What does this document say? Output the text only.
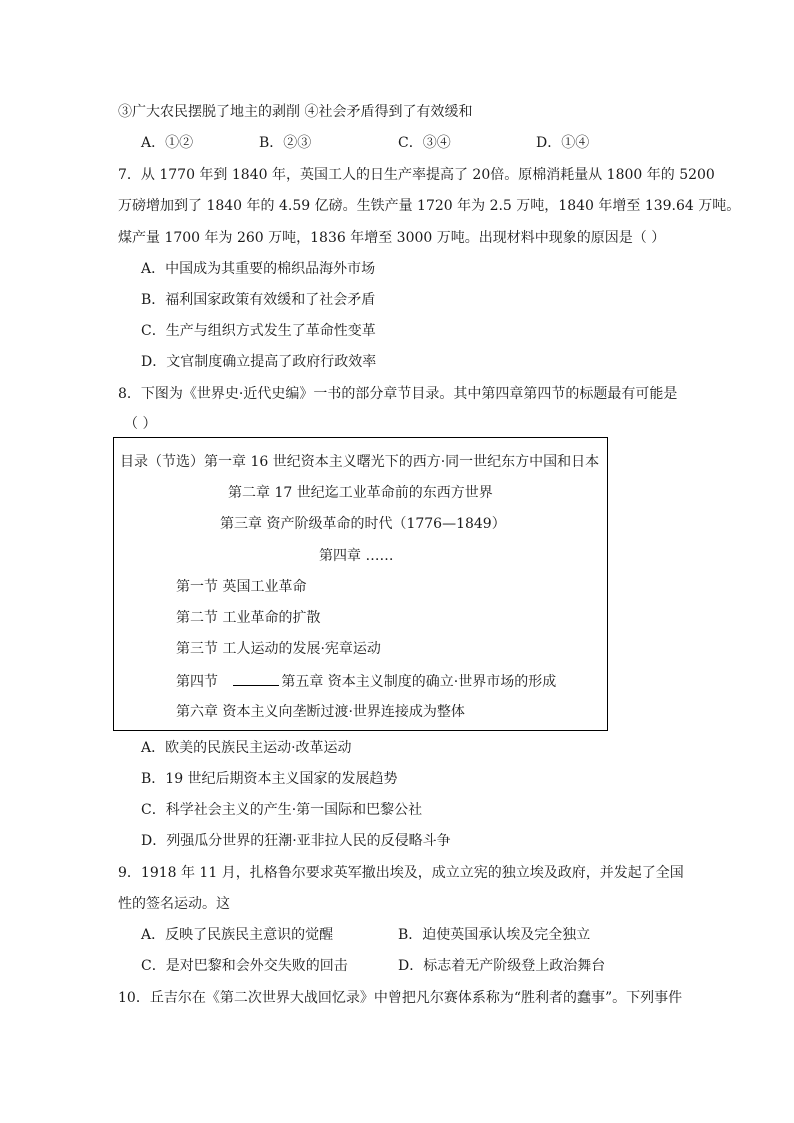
③广大农民摆脱了地主的剥削 ④社会矛盾得到了有效缓和
A．①②	B．②③	C．③④	D．①④
7．从 1770 年到 1840 年，英国工人的日生产率提高了 20倍。原棉消耗量从 1800 年的 5200
万磅增加到了 1840 年的 4.59 亿磅。生铁产量 1720 年为 2.5 万吨，1840 年增至 139.64 万吨。
煤产量 1700 年为 260 万吨，1836 年增至 3000 万吨。出现材料中现象的原因是（ ）
A．中国成为其重要的棉织品海外市场
B．福利国家政策有效缓和了社会矛盾
C．生产与组织方式发生了革命性变革
D．文官制度确立提高了政府行政效率
8．下图为《世界史·近代史编》一书的部分章节目录。其中第四章第四节的标题最有可能是
（ ）
目录（节选）第一章 16 世纪资本主义曙光下的西方·同一世纪东方中国和日本
第二章 17 世纪迄工业革命前的东西方世界
第三章 资产阶级革命的时代（1776—1849）
第四章 ……
第一节 英国工业革命
第二节 工业革命的扩散
第三节 工人运动的发展·宪章运动
第四节	第五章 资本主义制度的确立·世界市场的形成
第六章 资本主义向垄断过渡·世界连接成为整体
A．欧美的民族民主运动·改革运动
B．19 世纪后期资本主义国家的发展趋势
C．科学社会主义的产生·第一国际和巴黎公社
D．列强瓜分世界的狂潮·亚非拉人民的反侵略斗争
9．1918 年 11 月，扎格鲁尔要求英军撤出埃及，成立立宪的独立埃及政府，并发起了全国
性的签名运动。这
A．反映了民族民主意识的觉醒	B．迫使英国承认埃及完全独立
C．是对巴黎和会外交失败的回击	D．标志着无产阶级登上政治舞台
10．丘吉尔在《第二次世界大战回忆录》中曾把凡尔赛体系称为“胜利者的蠢事”。下列事件
